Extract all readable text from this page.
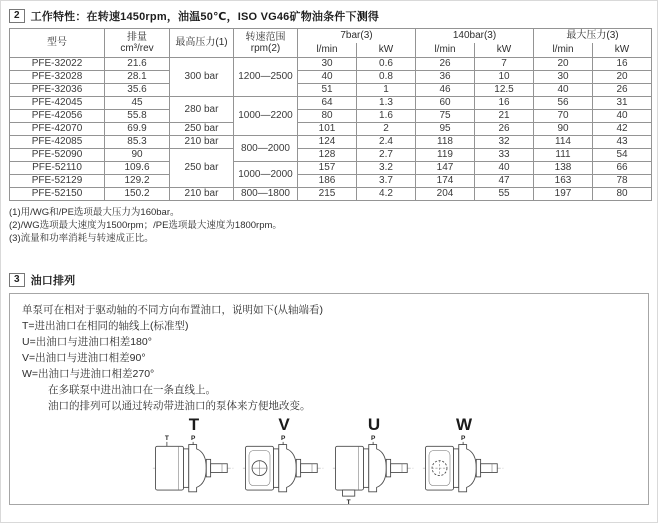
2	工作特性：在转速1450rpm，油温50℃，ISO VG46矿物油条件下测得
型号	排量
cm³/rev
	最高压力(1)	转速范围
rpm(2)
	7bar(3)	140bar(3)	最大压力(3)
				l/min	kW	l/min	kW	l/min	kW
PFE-32022	21.6	300 bar	1200—2500	30	0.6	26	7	20	16
PFE-32028	28.1			40	0.8	36	10	30	20
PFE-32036	35.6			51	1	46	12.5	40	26
PFE-42045	45	280 bar	1000—2200	64	1.3	60	16	56	31
PFE-42056	55.8			80	1.6	75	21	70	40
PFE-42070	69.9	250 bar		101	2	95	26	90	42
PFE-42085	85.3	210 bar	800—2000	124	2.4	118	32	114	43
PFE-52090	90	250 bar		128	2.7	119	33	111	54
PFE-52110	109.6		1000—2000	157	3.2	147	40	138	66
PFE-52129	129.2			186	3.7	174	47	163	78
PFE-52150	150.2	210 bar	800—1800	215	4.2	204	55	197	80
(1)用/WG和/PE选项最大压力为160bar。
(2)/WG选项最大速度为1500rpm；/PE选项最大速度为1800rpm。
(3)流量和功率消耗与转速成正比。
3	油口排列
单泵可在相对于驱动轴的不同方向布置油口，说明如下(从轴端看)
T=进出油口在相同的轴线上(标准型)
U=出油口与进油口相差180°
V=出油口与进油口相差90°
W=出油口与进油口相差270°
在多联泵中进出油口在一条直线上。
油口的排列可以通过转动带进油口的泵体来方便地改变。
T
T	P
V
P
U
P
T
W
P
